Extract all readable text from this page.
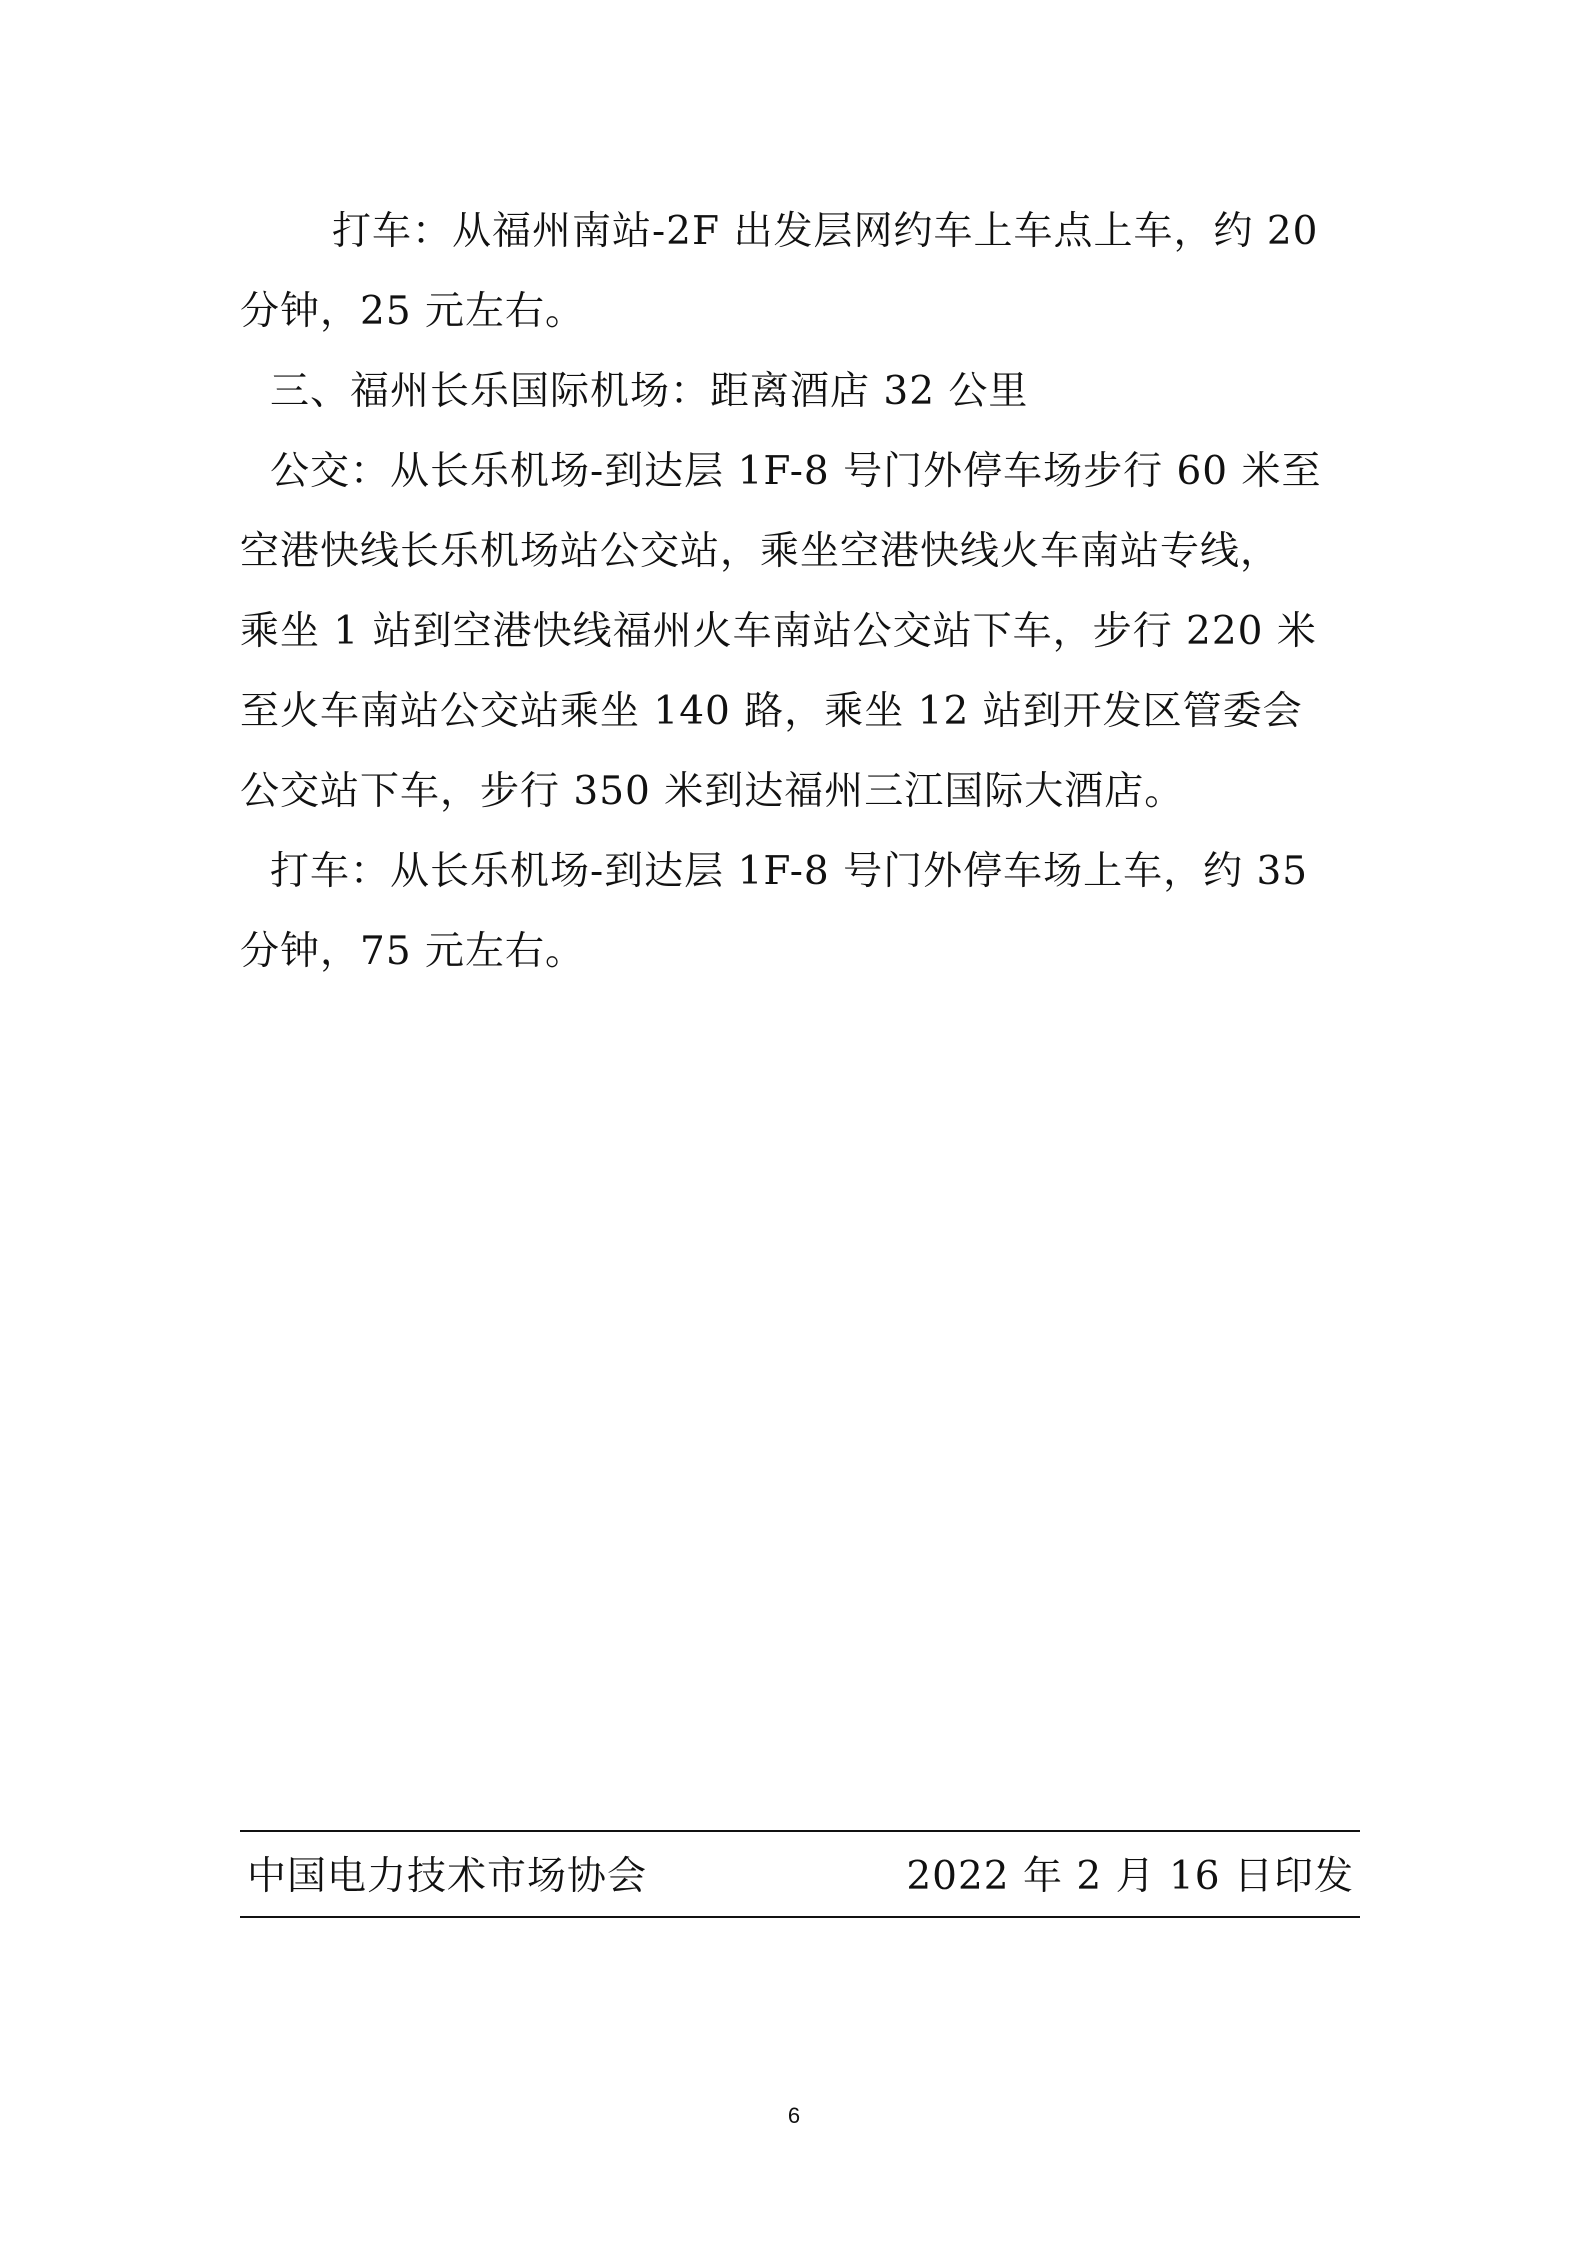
打车：从福州南站-2F 出发层网约车上车点上车，约 20
分钟，25 元左右。
三、福州长乐国际机场：距离酒店 32 公里
公交：从长乐机场-到达层 1F-8 号门外停车场步行 60 米至
空港快线长乐机场站公交站，乘坐空港快线火车南站专线，
乘坐 1 站到空港快线福州火车南站公交站下车，步行 220 米
至火车南站公交站乘坐 140 路，乘坐 12 站到开发区管委会
公交站下车，步行 350 米到达福州三江国际大酒店。
打车：从长乐机场-到达层 1F-8 号门外停车场上车，约 35
分钟，75 元左右。
中国电力技术市场协会	2022 年 2 月 16 日印发
6
